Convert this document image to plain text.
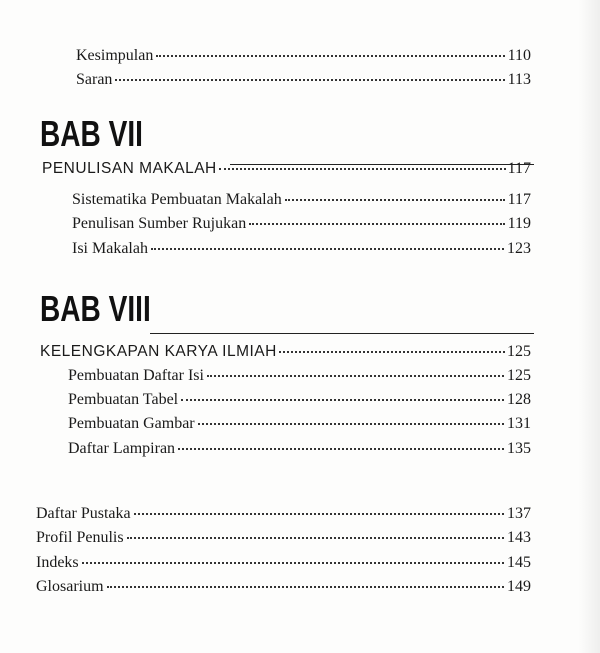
Kesimpulan	110
Saran	113
BAB VII
PENULISAN MAKALAH	117
Sistematika Pembuatan Makalah	117
Penulisan Sumber Rujukan	119
Isi Makalah	123
BAB VIII
KELENGKAPAN KARYA ILMIAH	125
Pembuatan Daftar Isi	125
Pembuatan Tabel	128
Pembuatan Gambar	131
Daftar Lampiran	135
Daftar Pustaka	137
Profil Penulis	143
Indeks	145
Glosarium	149
